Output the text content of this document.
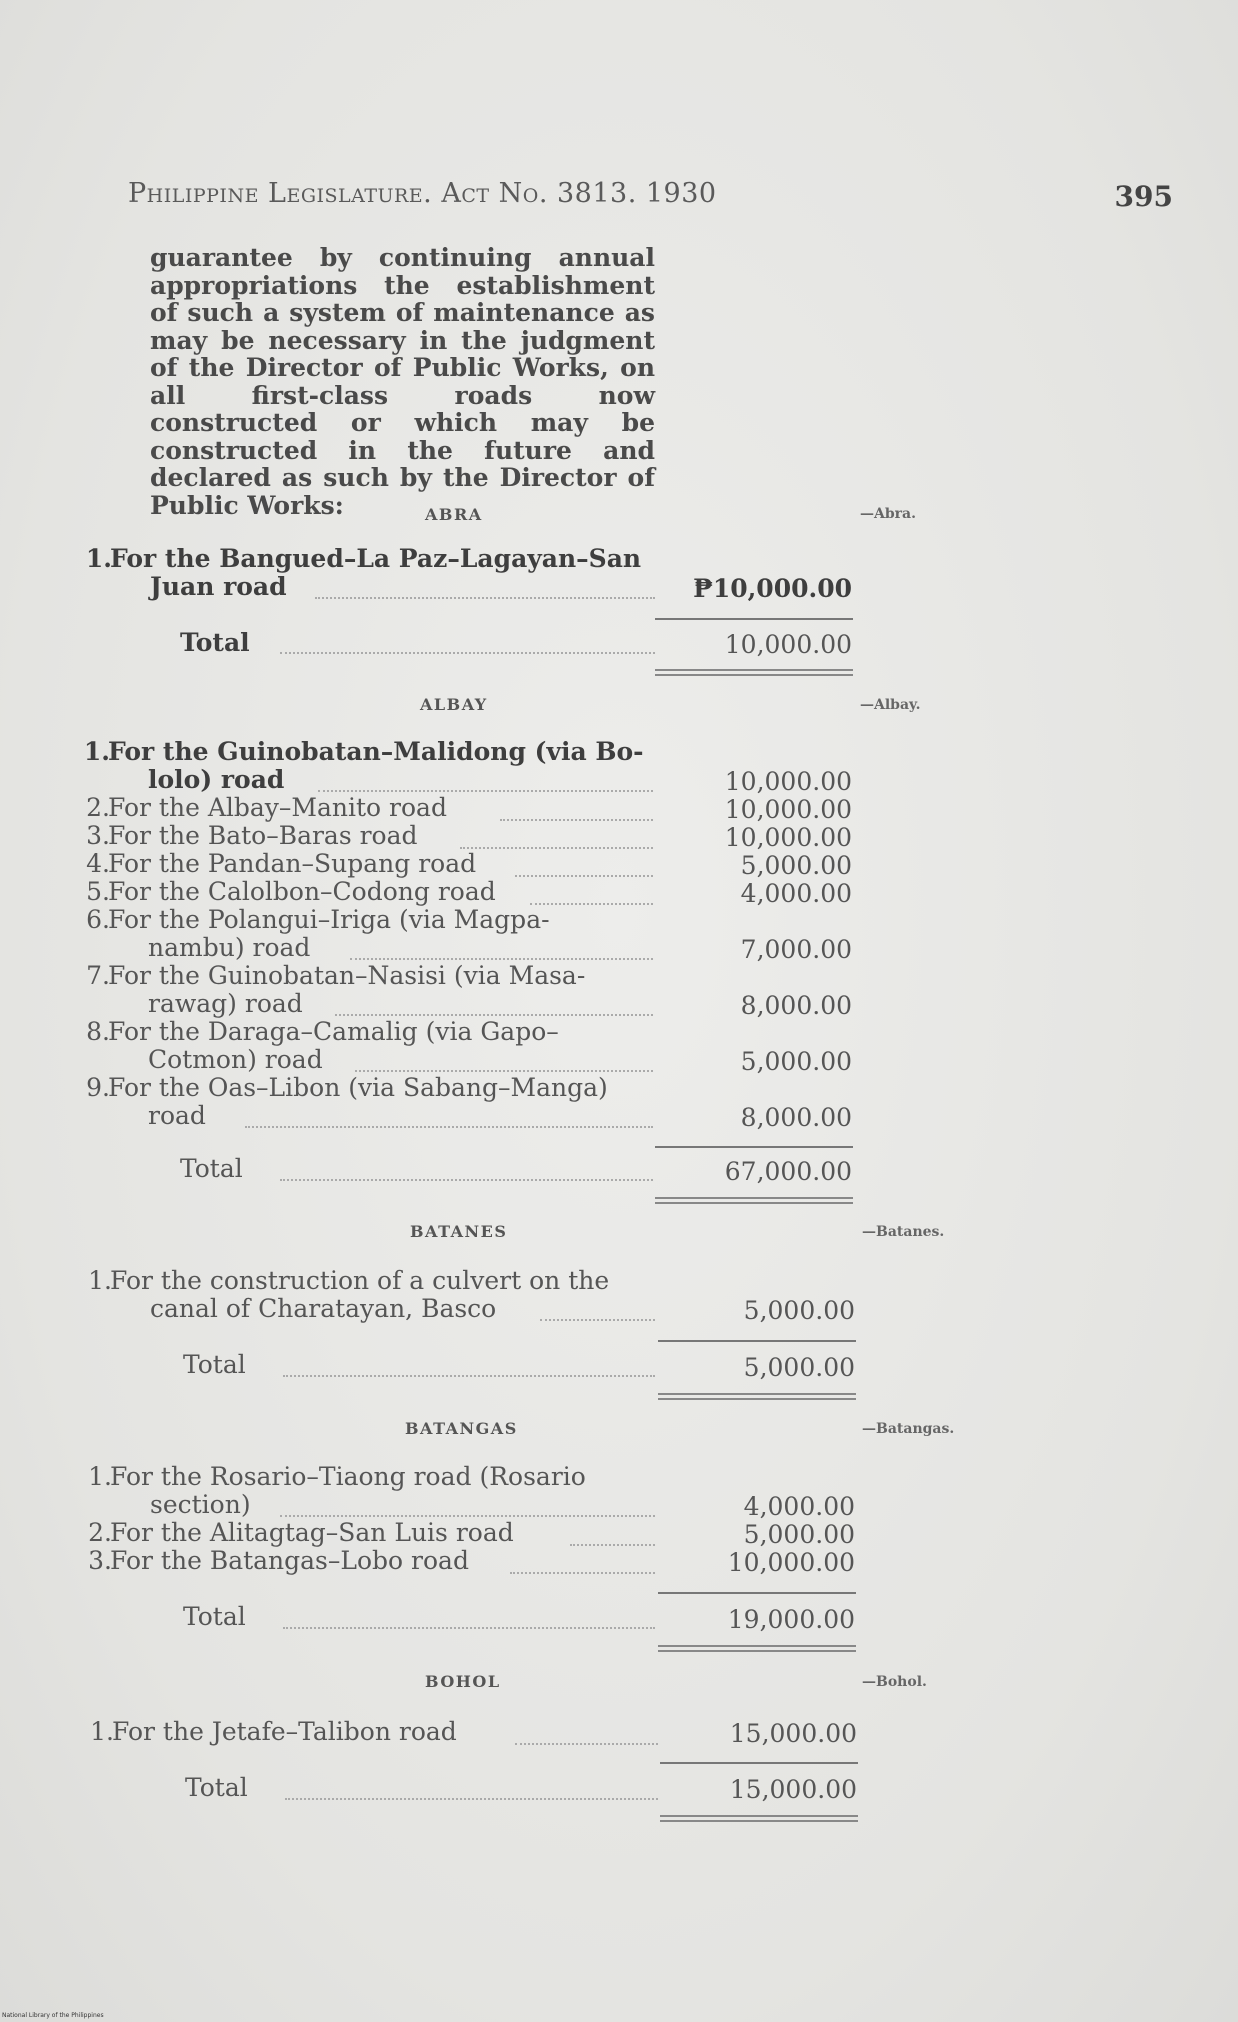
Philippine Legislature. Act No. 3813. 1930	395
guarantee by continuing annual appropriations the establishment of such a system of maintenance as may be necessary in the judgment of the Director of Public Works, on all first-class roads now constructed or which may be constructed in the future and declared as such by the Director of Public Works:	ABRA	—Abra.
1.
For the Bangued–La Paz–Lagayan–San
Juan road	₱10,000.00
Total	10,000.00
ALBAY	—Albay.
1.
For the Guinobatan–Malidong (via Bo-
lolo) road	10,000.00
2.
For the Albay–Manito road	10,000.00
3.
For the Bato–Baras road	10,000.00
4.
For the Pandan–Supang road	5,000.00
5.
For the Calolbon–Codong road	4,000.00
6.
For the Polangui–Iriga (via Magpa-
nambu) road	7,000.00
7.
For the Guinobatan–Nasisi (via Masa-
rawag) road	8,000.00
8.
For the Daraga–Camalig (via Gapo–
Cotmon) road	5,000.00
9.
For the Oas–Libon (via Sabang–Manga)
road	8,000.00
Total	67,000.00
BATANES	—Batanes.
1.
For the construction of a culvert on the
canal of Charatayan, Basco	5,000.00
Total	5,000.00
BATANGAS	—Batangas.
1.
For the Rosario–Tiaong road (Rosario
section)	4,000.00
2.
For the Alitagtag–San Luis road	5,000.00
3.
For the Batangas–Lobo road	10,000.00
Total	19,000.00
BOHOL	—Bohol.
1.
For the Jetafe–Talibon road	15,000.00
Total	15,000.00
National Library of the Philippines
